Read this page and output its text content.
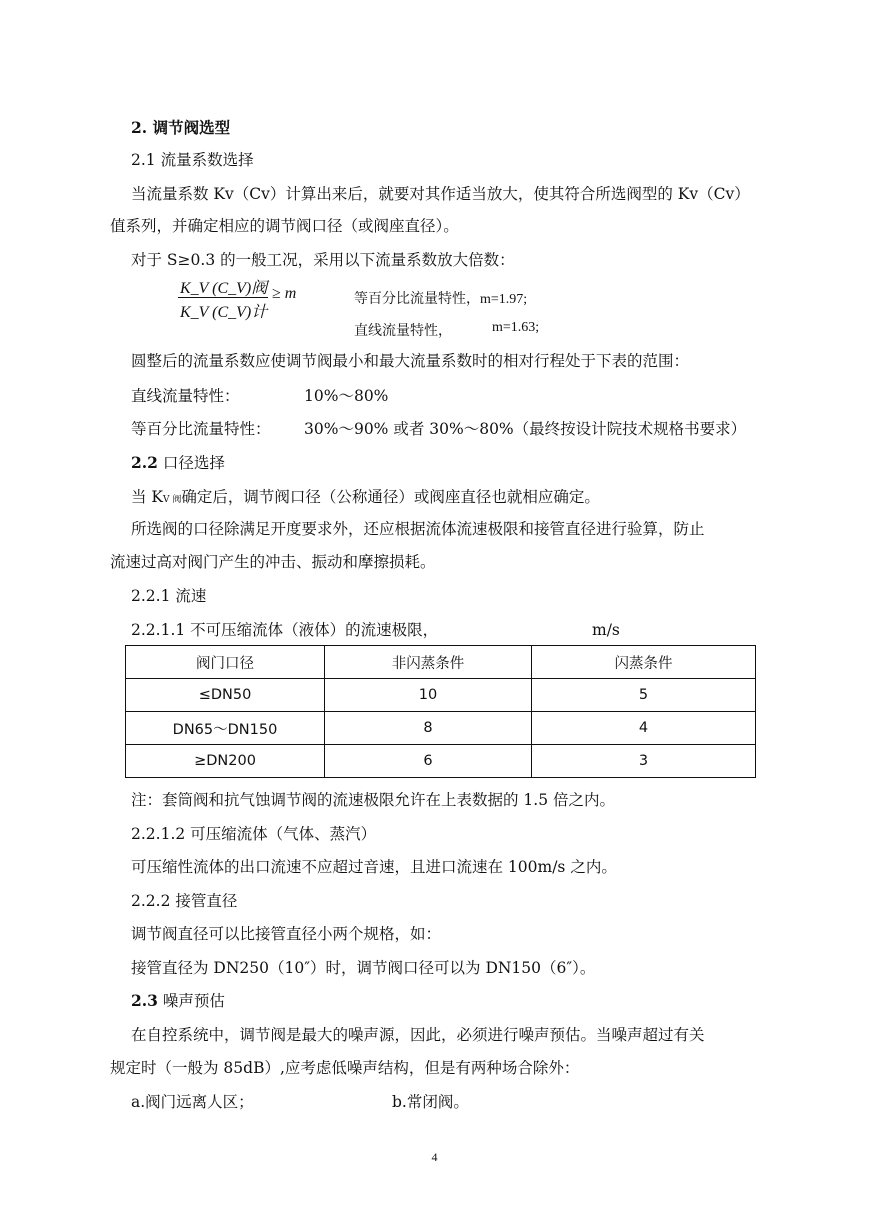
2. 调节阀选型
2.1 流量系数选择
当流量系数 Kv（Cv）计算出来后，就要对其作适当放大，使其符合所选阀型的 Kv（Cv）
值系列，并确定相应的调节阀口径（或阀座直径）。
对于 S≥0.3 的一般工况，采用以下流量系数放大倍数：
K_V (C_V)阀
K_V (C_V)计
≥ m	等百分比流量特性，m=1.97;
直线流量特性，	m=1.63;
圆整后的流量系数应使调节阀最小和最大流量系数时的相对行程处于下表的范围：
直线流量特性：	10%～80%
等百分比流量特性： 30%～90% 或者 30%～80%（最终按设计院技术规格书要求）
2.2 口径选择
当 KV 阀确定后，调节阀口径（公称通径）或阀座直径也就相应确定。
所选阀的口径除满足开度要求外，还应根据流体流速极限和接管直径进行验算，防止
流速过高对阀门产生的冲击、振动和摩擦损耗。
2.2.1 流速
2.2.1.1 不可压缩流体（液体）的流速极限，	m/s
阀门口径	非闪蒸条件	闪蒸条件
≤DN50	10	5
DN65～DN150	8	4
≥DN200	6	3
注：套筒阀和抗气蚀调节阀的流速极限允许在上表数据的 1.5 倍之内。
2.2.1.2 可压缩流体（气体、蒸汽）
可压缩性流体的出口流速不应超过音速，且进口流速在 100m/s 之内。
2.2.2 接管直径
调节阀直径可以比接管直径小两个规格，如：
接管直径为 DN250（10″）时，调节阀口径可以为 DN150（6″）。
2.3 噪声预估
在自控系统中，调节阀是最大的噪声源，因此，必须进行噪声预估。当噪声超过有关
规定时（一般为 85dB）,应考虑低噪声结构，但是有两种场合除外：
a.阀门远离人区；	b.常闭阀。
4
